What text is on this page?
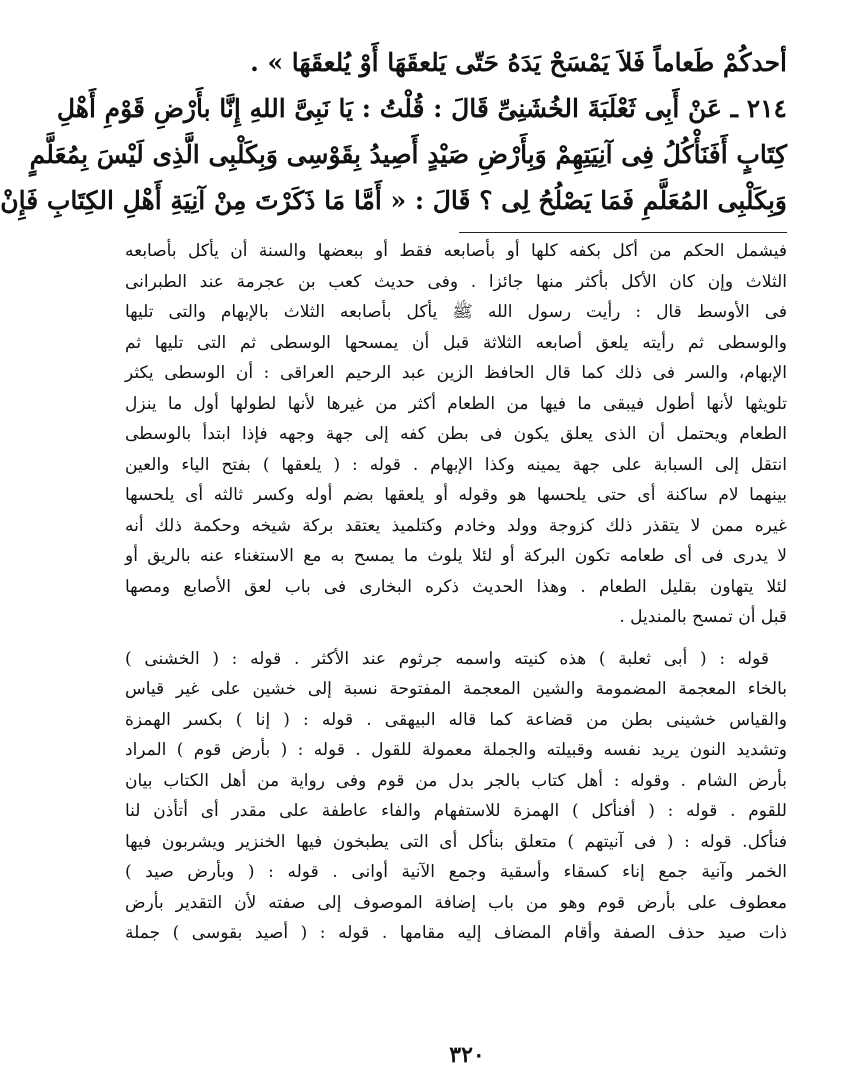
أحدكُمْ طَعاماً فَلاَ يَمْسَحْ يَدَهُ حَتّى يَلعقَهَا أَوْ يُلعقَهَا » .
٢١٤ ـ عَنْ أَبِى ثَعْلَبَةَ الخُشَنِىِّ قَالَ : قُلْتُ : يَا نَبِىَّ اللهِ إِنَّا بأَرْضِ قَوْمِ أَهْلِ
كِتَابٍ أَفَنَأْكُلُ فِى آنِيَتِهِمْ وَبِأَرْضِ صَيْدٍ أَصِيدُ بِقَوْسِى وَبِكَلْبِى الَّذِى لَيْسَ بِمُعَلَّمٍ
وَبِكَلْبِى المُعَلَّمِ فَمَا يَصْلُحُ لِى ؟ قَالَ : « أَمَّا مَا ذَكَرْتَ مِنْ آنِيَةِ أَهْلِ الكِتَابِ فَإِنْ
فيشمل الحكم من أكل بكفه كلها أو بأصابعه فقط أو ببعضها والسنة أن يأكل بأصابعه
الثلاث وإن كان الأكل بأكثر منها جائزا . وفى حديث كعب بن عجرمة عند الطبرانى
فى الأوسط قال : رأيت رسول الله ﷺ يأكل بأصابعه الثلاث بالإبهام والتى تليها
والوسطى ثم رأيته يلعق أصابعه الثلاثة قبل أن يمسحها الوسطى ثم التى تليها ثم
الإبهام، والسر فى ذلك كما قال الحافظ الزين عبد الرحيم العراقى : أن الوسطى يكثر
تلويثها لأنها أطول فيبقى ما فيها من الطعام أكثر من غيرها لأنها لطولها أول ما ينزل
الطعام ويحتمل أن الذى يعلق يكون فى بطن كفه إلى جهة وجهه فإذا ابتدأ بالوسطى
انتقل إلى السبابة على جهة يمينه وكذا الإبهام . قوله : ( يلعقها ) بفتح الياء والعين
بينهما لام ساكنة أى حتى يلحسها هو وقوله أو يلعقها بضم أوله وكسر ثالثه أى يلحسها
غيره ممن لا يتقذر ذلك كزوجة وولد وخادم وكتلميذ يعتقد بركة شيخه وحكمة ذلك أنه
لا يدرى فى أى طعامه تكون البركة أو لئلا يلوث ما يمسح به مع الاستغناء عنه بالريق أو
لئلا يتهاون بقليل الطعام . وهذا الحديث ذكره البخارى فى باب لعق الأصابع ومصها
قبل أن تمسح بالمنديل .
قوله : ( أبى ثعلبة ) هذه كنيته واسمه جرثوم عند الأكثر . قوله : ( الخشنى )
بالخاء المعجمة المضمومة والشين المعجمة المفتوحة نسبة إلى خشين على غير قياس
والقياس خشينى بطن من قضاعة كما قاله البيهقى . قوله : ( إنا ) بكسر الهمزة
وتشديد النون يريد نفسه وقبيلته والجملة معمولة للقول . قوله : ( بأرض قوم ) المراد
بأرض الشام . وقوله : أهل كتاب بالجر بدل من قوم وفى رواية من أهل الكتاب بيان
للقوم . قوله : ( أفنأكل ) الهمزة للاستفهام والفاء عاطفة على مقدر أى أتأذن لنا
فنأكل. قوله : ( فى آنيتهم ) متعلق بنأكل أى التى يطبخون فيها الخنزير ويشربون فيها
الخمر وآنية جمع إناء كسقاء وأسقية وجمع الآنية أوانى . قوله : ( وبأرض صيد )
معطوف على بأرض قوم وهو من باب إضافة الموصوف إلى صفته لأن التقدير بأرض
ذات صيد حذف الصفة وأقام المضاف إليه مقامها . قوله : ( أصيد بقوسى ) جملة
٣٢٠
